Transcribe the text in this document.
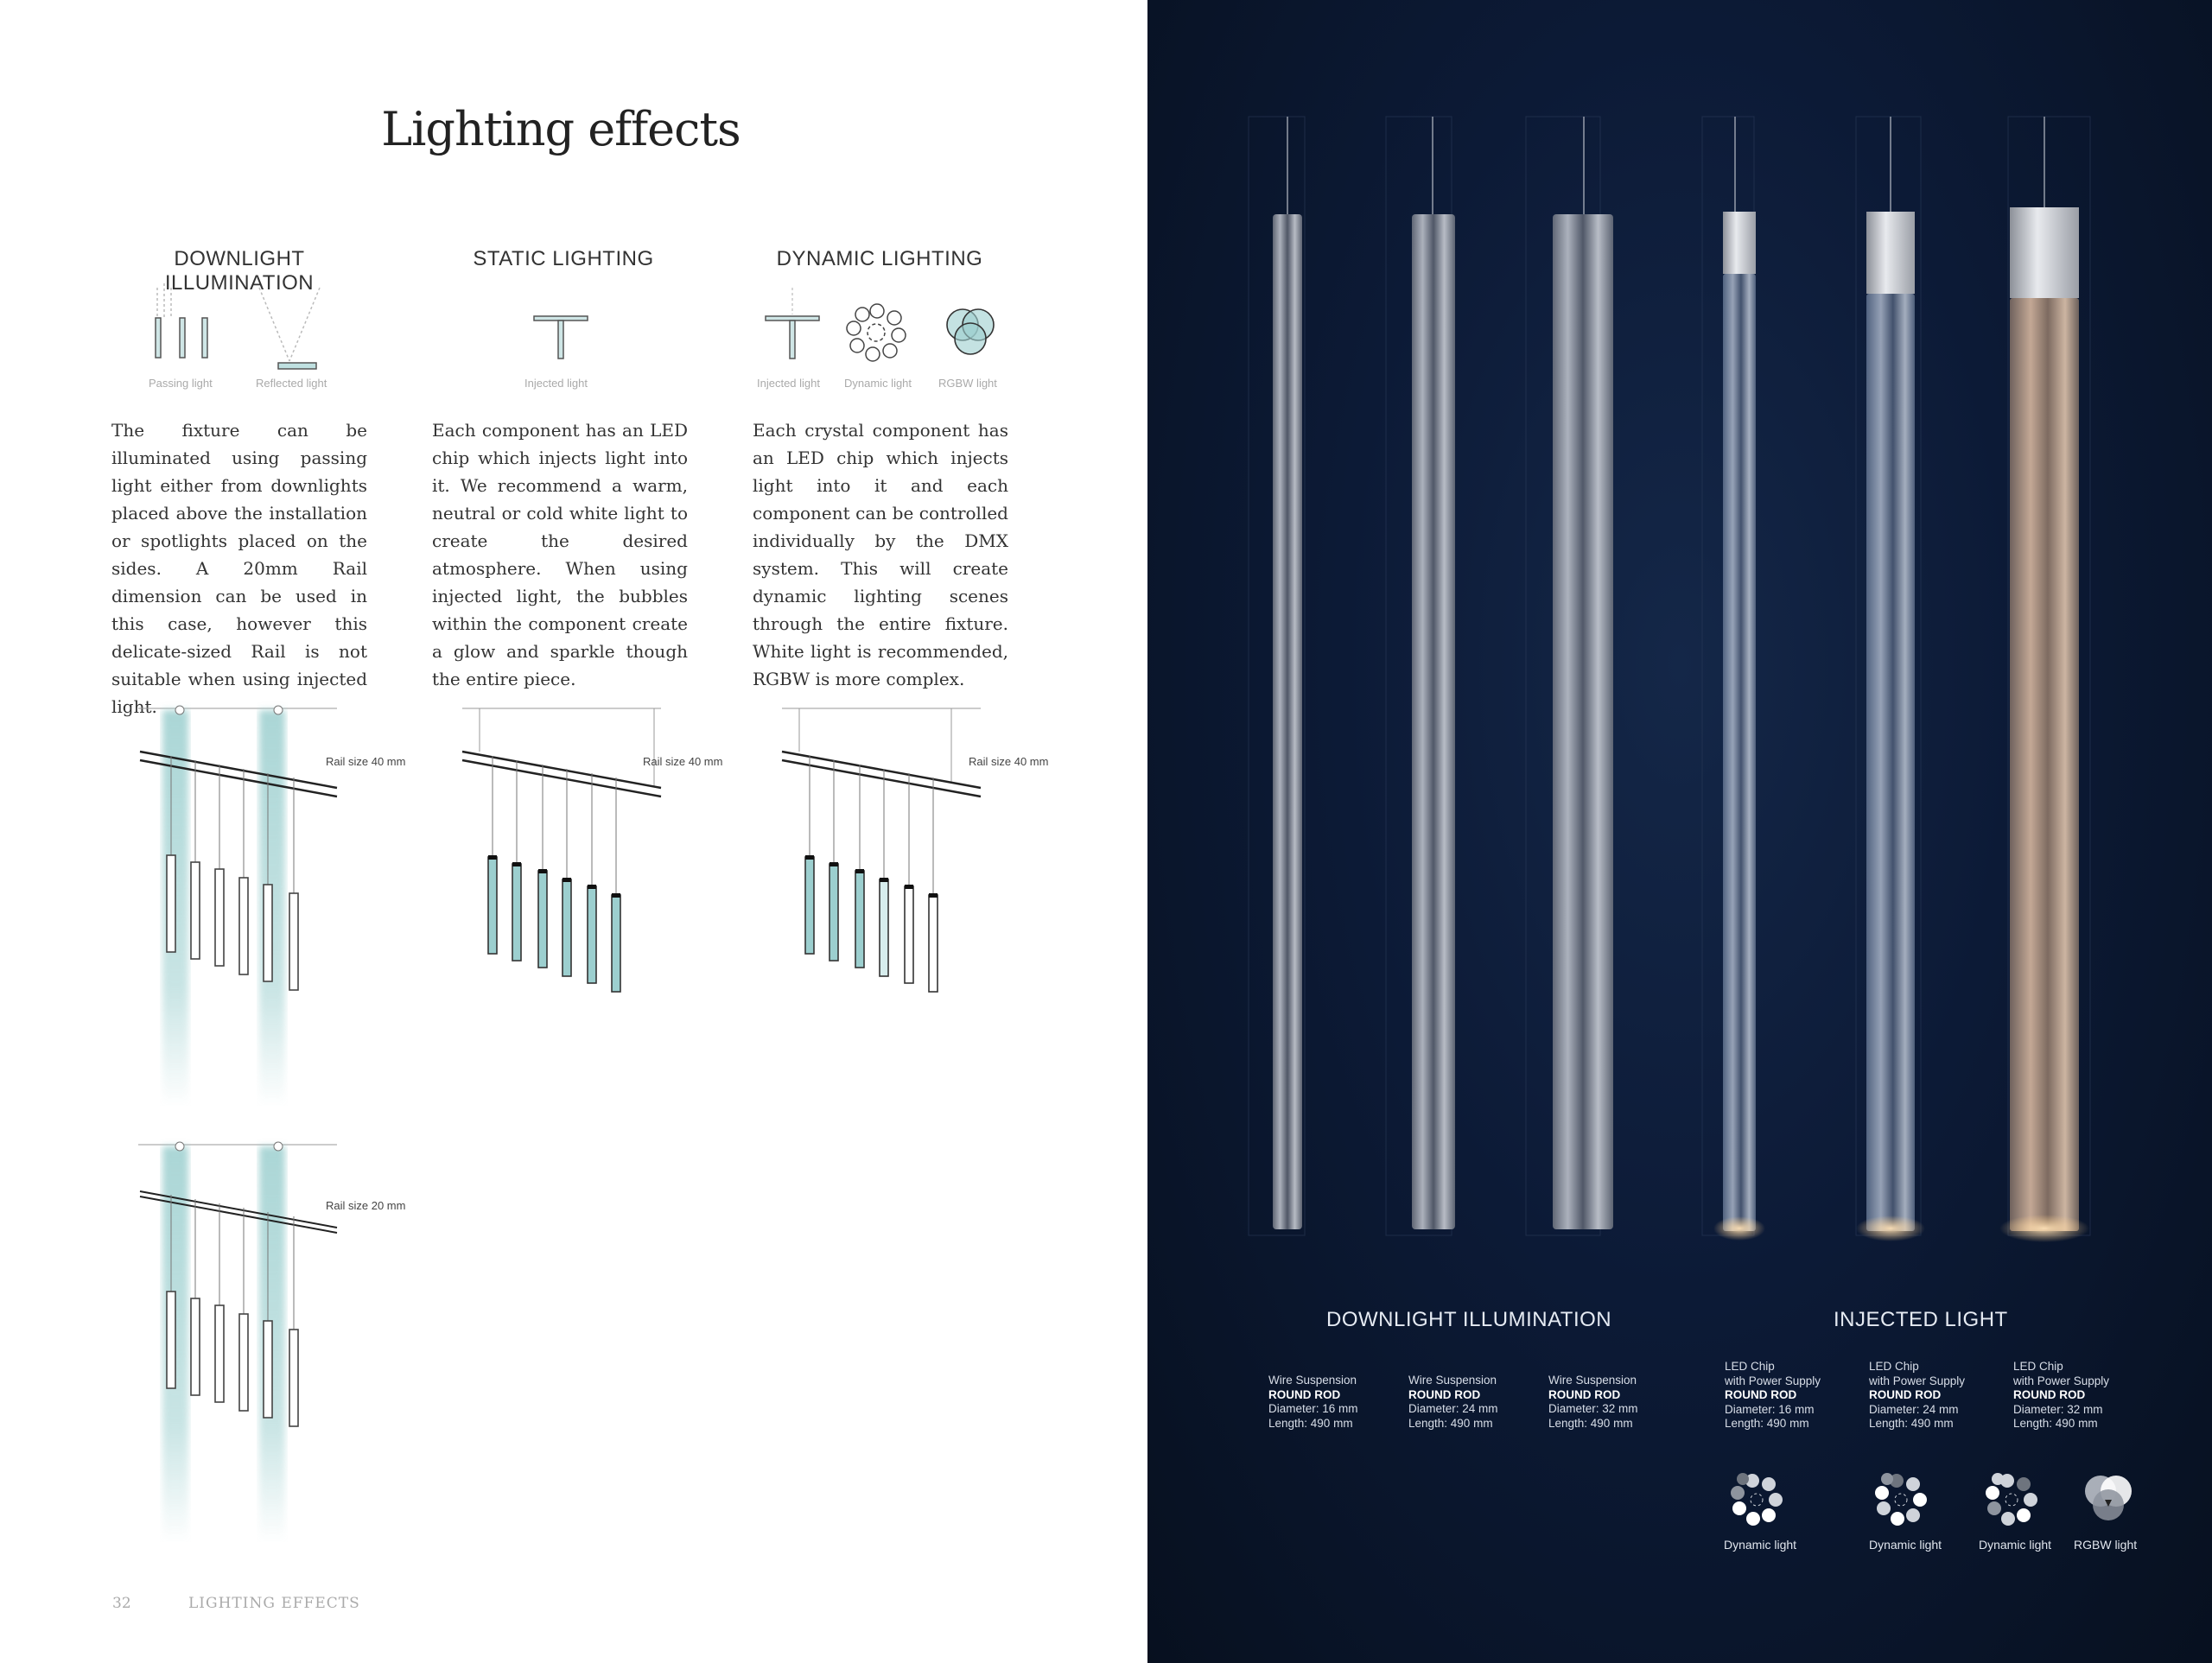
Lighting effects
DOWNLIGHT ILLUMINATION
STATIC LIGHTING	DYNAMIC LIGHTING
Passing light	Reflected light	Injected light	Injected light Dynamic light RGBW light
The fixture can be illuminated using passing light either from downlights placed above the installation or spotlights placed on the sides. A 20mm Rail dimension can be used in this case, however this delicate-sized Rail is not suitable when using injected light.
Each component has an LED chip which injects light into it. We recommend a warm, neutral or cold white light to create the desired atmosphere. When using injected light, the bubbles within the component create a glow and sparkle though the entire piece.
Each crystal component has an LED chip which injects light into it and each component can be controlled individually by the DMX system. This will create dynamic lighting scenes through the entire fixture. White light is recommended, RGBW is more complex.
Rail size 40 mm	Rail size 40 mm	Rail size 40 mm
Rail size 20 mm
32	LIGHTING EFFECTS
DOWNLIGHT ILLUMINATION	INJECTED LIGHT
Wire Suspension
ROUND ROD
Diameter: 16 mm
Length: 490 mm
Wire Suspension
ROUND ROD
Diameter: 24 mm
Length: 490 mm
Wire Suspension
ROUND ROD
Diameter: 32 mm
Length: 490 mm
LED Chip
with Power Supply
ROUND ROD
Diameter: 16 mm
Length: 490 mm
LED Chip
with Power Supply
ROUND ROD
Diameter: 24 mm
Length: 490 mm
LED Chip
with Power Supply
ROUND ROD
Diameter: 32 mm
Length: 490 mm
Dynamic light	Dynamic light	Dynamic light RGBW light
